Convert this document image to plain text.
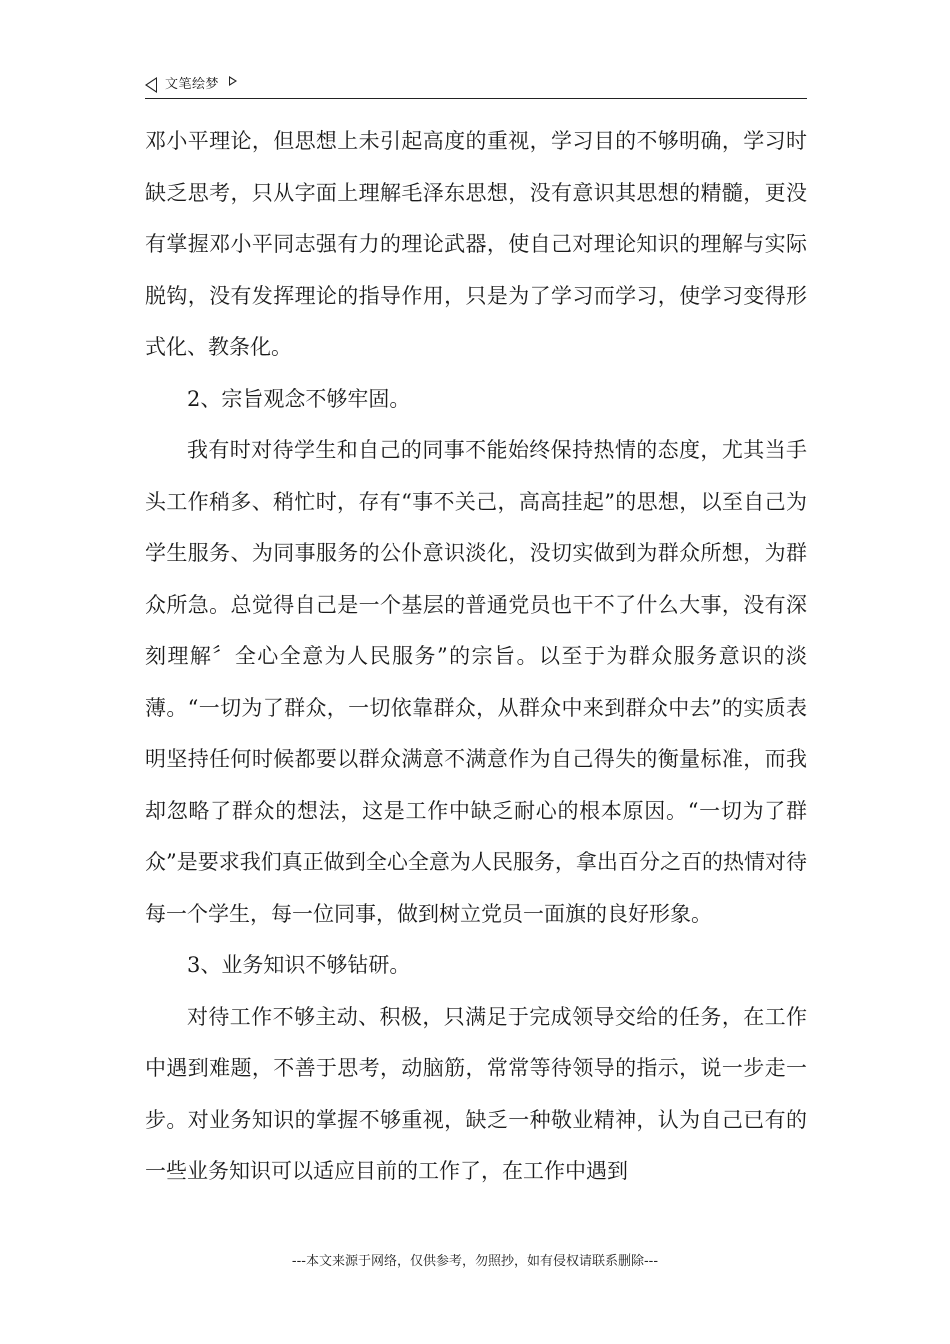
文笔绘梦

邓小平理论，但思想上未引起高度的重视，学习目的不够明确，学习时缺乏思考，只从字面上理解毛泽东思想，没有意识其思想的精髓，更没有掌握邓小平同志强有力的理论武器，使自己对理论知识的理解与实际脱钩，没有发挥理论的指导作用，只是为了学习而学习，使学习变得形式化、教条化。

2、宗旨观念不够牢固。

我有时对待学生和自己的同事不能始终保持热情的态度，尤其当手头工作稍多、稍忙时，存有“事不关己，高高挂起”的思想，以至自己为学生服务、为同事服务的公仆意识淡化，没切实做到为群众所想，为群众所急。总觉得自己是一个基层的普通党员也干不了什么大事，没有深刻理解〞全心全意为人民服务”的宗旨。以至于为群众服务意识的淡薄。“一切为了群众，一切依靠群众，从群众中来到群众中去”的实质表明坚持任何时候都要以群众满意不满意作为自己得失的衡量标准，而我却忽略了群众的想法，这是工作中缺乏耐心的根本原因。“一切为了群众”是要求我们真正做到全心全意为人民服务，拿出百分之百的热情对待每一个学生，每一位同事，做到树立党员一面旗的良好形象。

3、业务知识不够钻研。

对待工作不够主动、积极，只满足于完成领导交给的任务，在工作中遇到难题，不善于思考，动脑筋，常常等待领导的指示，说一步走一步。对业务知识的掌握不够重视，缺乏一种敬业精神，认为自己已有的一些业务知识可以适应目前的工作了，在工作中遇到

---本文来源于网络，仅供参考，勿照抄，如有侵权请联系删除---
